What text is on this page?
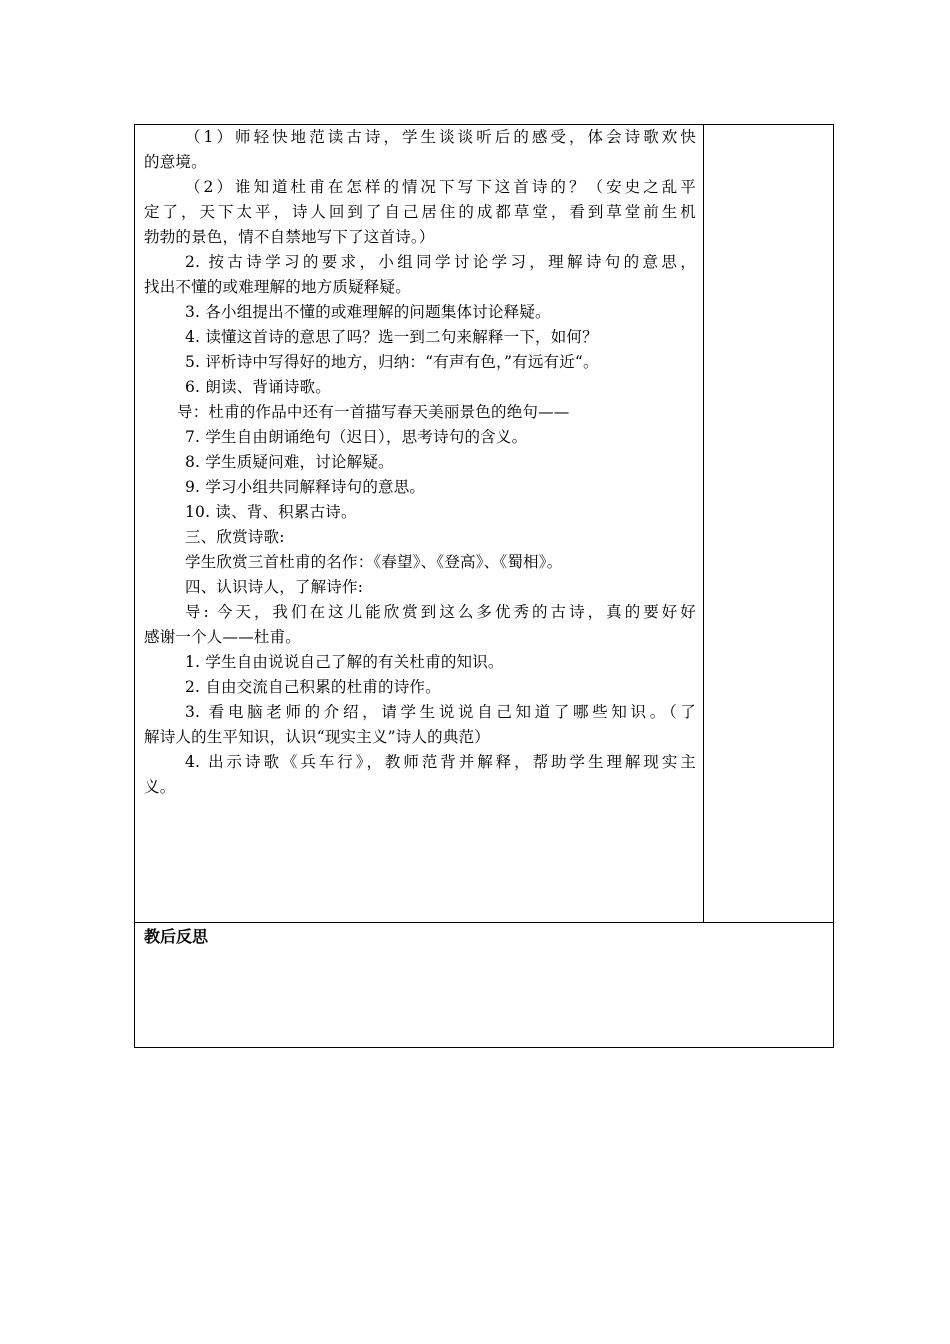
（1）师轻快地范读古诗，学生谈谈听后的感受，体会诗歌欢快
的意境。
（2）谁知道杜甫在怎样的情况下写下这首诗的？（安史之乱平
定了，天下太平，诗人回到了自己居住的成都草堂，看到草堂前生机
勃勃的景色，情不自禁地写下了这首诗。）
2. 按古诗学习的要求，小组同学讨论学习，理解诗句的意思，
找出不懂的或难理解的地方质疑释疑。
3. 各小组提出不懂的或难理解的问题集体讨论释疑。
4. 读懂这首诗的意思了吗？选一到二句来解释一下，如何？
5. 评析诗中写得好的地方，归纳：“有声有色，”有远有近“。
6. 朗读、背诵诗歌。
导：杜甫的作品中还有一首描写春天美丽景色的绝句——
7. 学生自由朗诵绝句（迟日），思考诗句的含义。
8. 学生质疑问难，讨论解疑。
9. 学习小组共同解释诗句的意思。
10. 读、背、积累古诗。
三、欣赏诗歌:
学生欣赏三首杜甫的名作：《春望》、《登高》、《蜀相》。
四、认识诗人，了解诗作:
导: 今天，我们在这儿能欣赏到这么多优秀的古诗，真的要好好
感谢一个人——杜甫。
1. 学生自由说说自己了解的有关杜甫的知识。
2. 自由交流自己积累的杜甫的诗作。
3. 看电脑老师的介绍，请学生说说自己知道了哪些知识。（了
解诗人的生平知识，认识“现实主义”诗人的典范）
4. 出示诗歌《兵车行》，教师范背并解释，帮助学生理解现实主
义。
教后反思
